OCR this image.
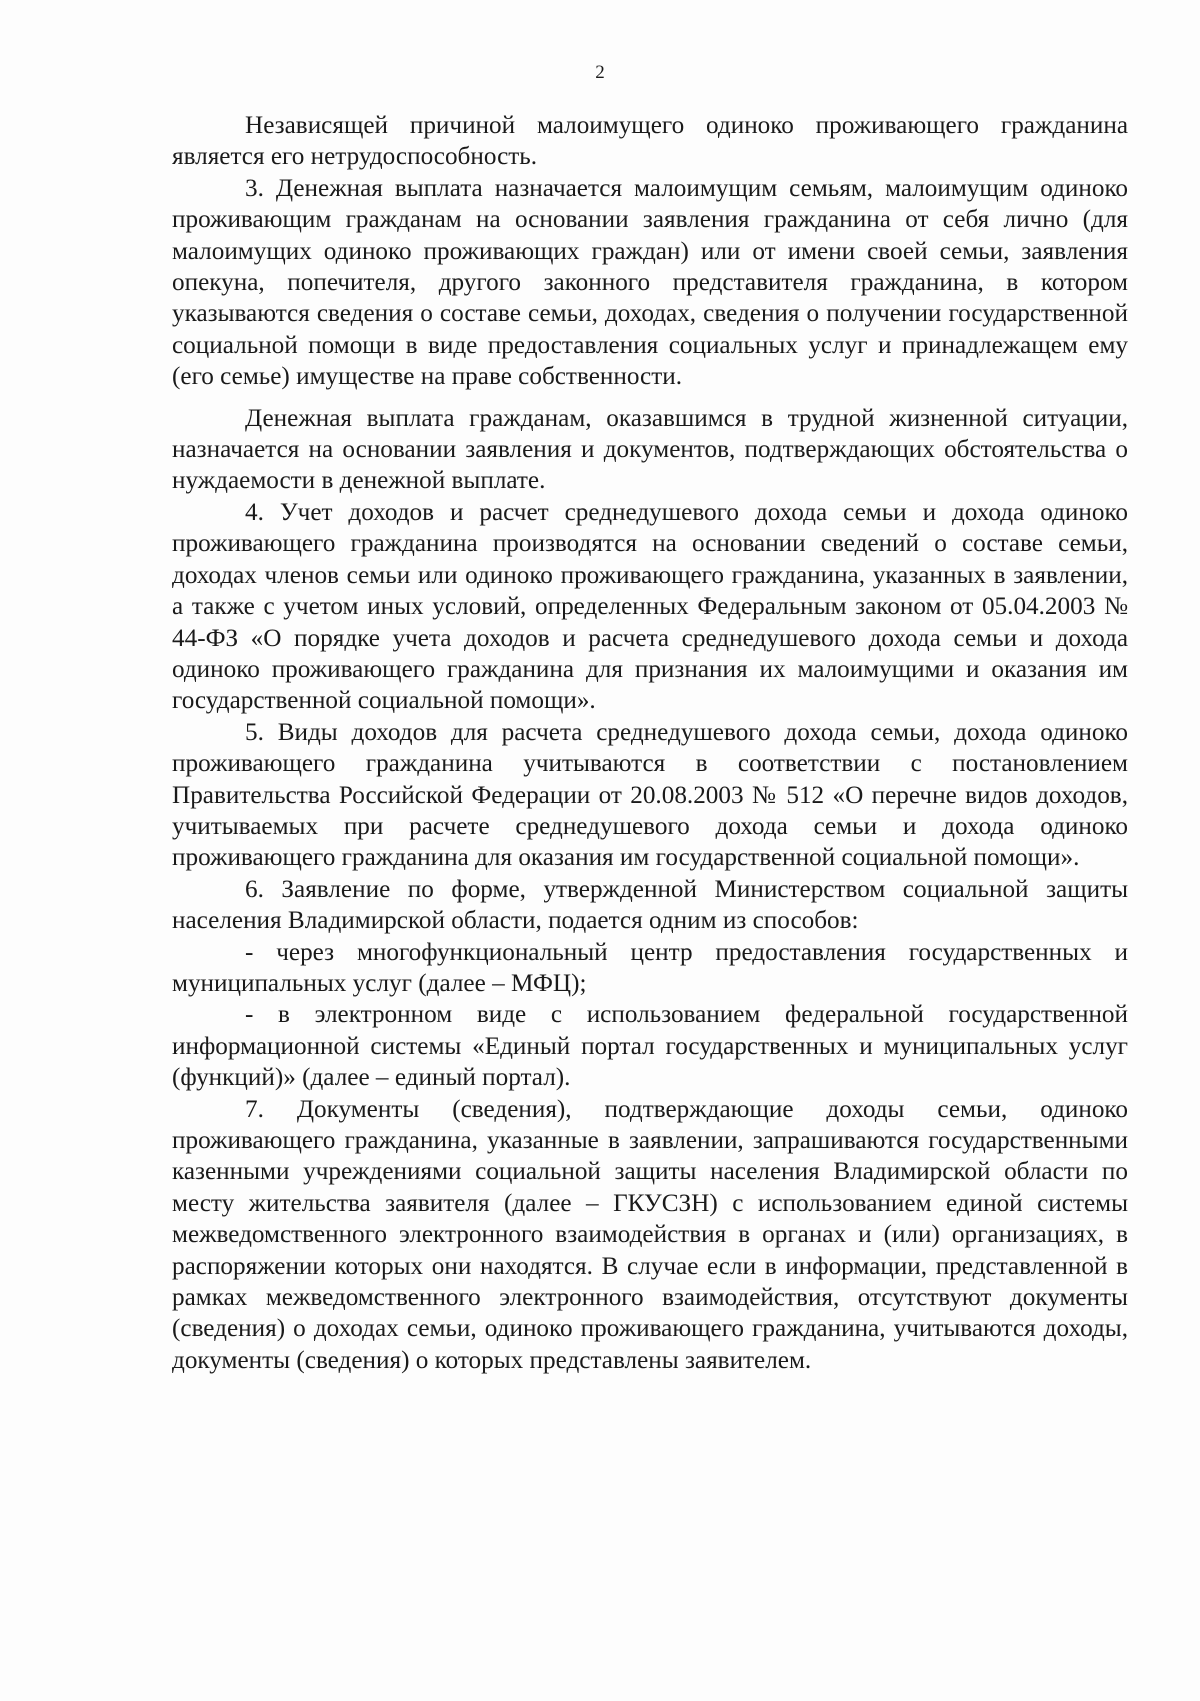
2

Независящей причиной малоимущего одиноко проживающего гражданина является его нетрудоспособность.

3. Денежная выплата назначается малоимущим семьям, малоимущим одиноко проживающим гражданам на основании заявления гражданина от себя лично (для малоимущих одиноко проживающих граждан) или от имени своей семьи, заявления опекуна, попечителя, другого законного представителя гражданина, в котором указываются сведения о составе семьи, доходах, сведения о получении государственной социальной помощи в виде предоставления социальных услуг и принадлежащем ему (его семье) имуществе на праве собственности.

Денежная выплата гражданам, оказавшимся в трудной жизненной ситуации, назначается на основании заявления и документов, подтверждающих обстоятельства о нуждаемости в денежной выплате.

4. Учет доходов и расчет среднедушевого дохода семьи и дохода одиноко проживающего гражданина производятся на основании сведений о составе семьи, доходах членов семьи или одиноко проживающего гражданина, указанных в заявлении, а также с учетом иных условий, определенных Федеральным законом от 05.04.2003 № 44-ФЗ «О порядке учета доходов и расчета среднедушевого дохода семьи и дохода одиноко проживающего гражданина для признания их малоимущими и оказания им государственной социальной помощи».

5. Виды доходов для расчета среднедушевого дохода семьи, дохода одиноко проживающего гражданина учитываются в соответствии с постановлением Правительства Российской Федерации от 20.08.2003 № 512 «О перечне видов доходов, учитываемых при расчете среднедушевого дохода семьи и дохода одиноко проживающего гражданина для оказания им государственной социальной помощи».

6. Заявление по форме, утвержденной Министерством социальной защиты населения Владимирской области, подается одним из способов:

- через многофункциональный центр предоставления государственных и муниципальных услуг (далее – МФЦ);

- в электронном виде с использованием федеральной государственной информационной системы «Единый портал государственных и муниципальных услуг (функций)» (далее – единый портал).

7. Документы (сведения), подтверждающие доходы семьи, одиноко проживающего гражданина, указанные в заявлении, запрашиваются государственными казенными учреждениями социальной защиты населения Владимирской области по месту жительства заявителя (далее – ГКУСЗН) с использованием единой системы межведомственного электронного взаимодействия в органах и (или) организациях, в распоряжении которых они находятся. В случае если в информации, представленной в рамках межведомственного электронного взаимодействия, отсутствуют документы (сведения) о доходах семьи, одиноко проживающего гражданина, учитываются доходы, документы (сведения) о которых представлены заявителем.
